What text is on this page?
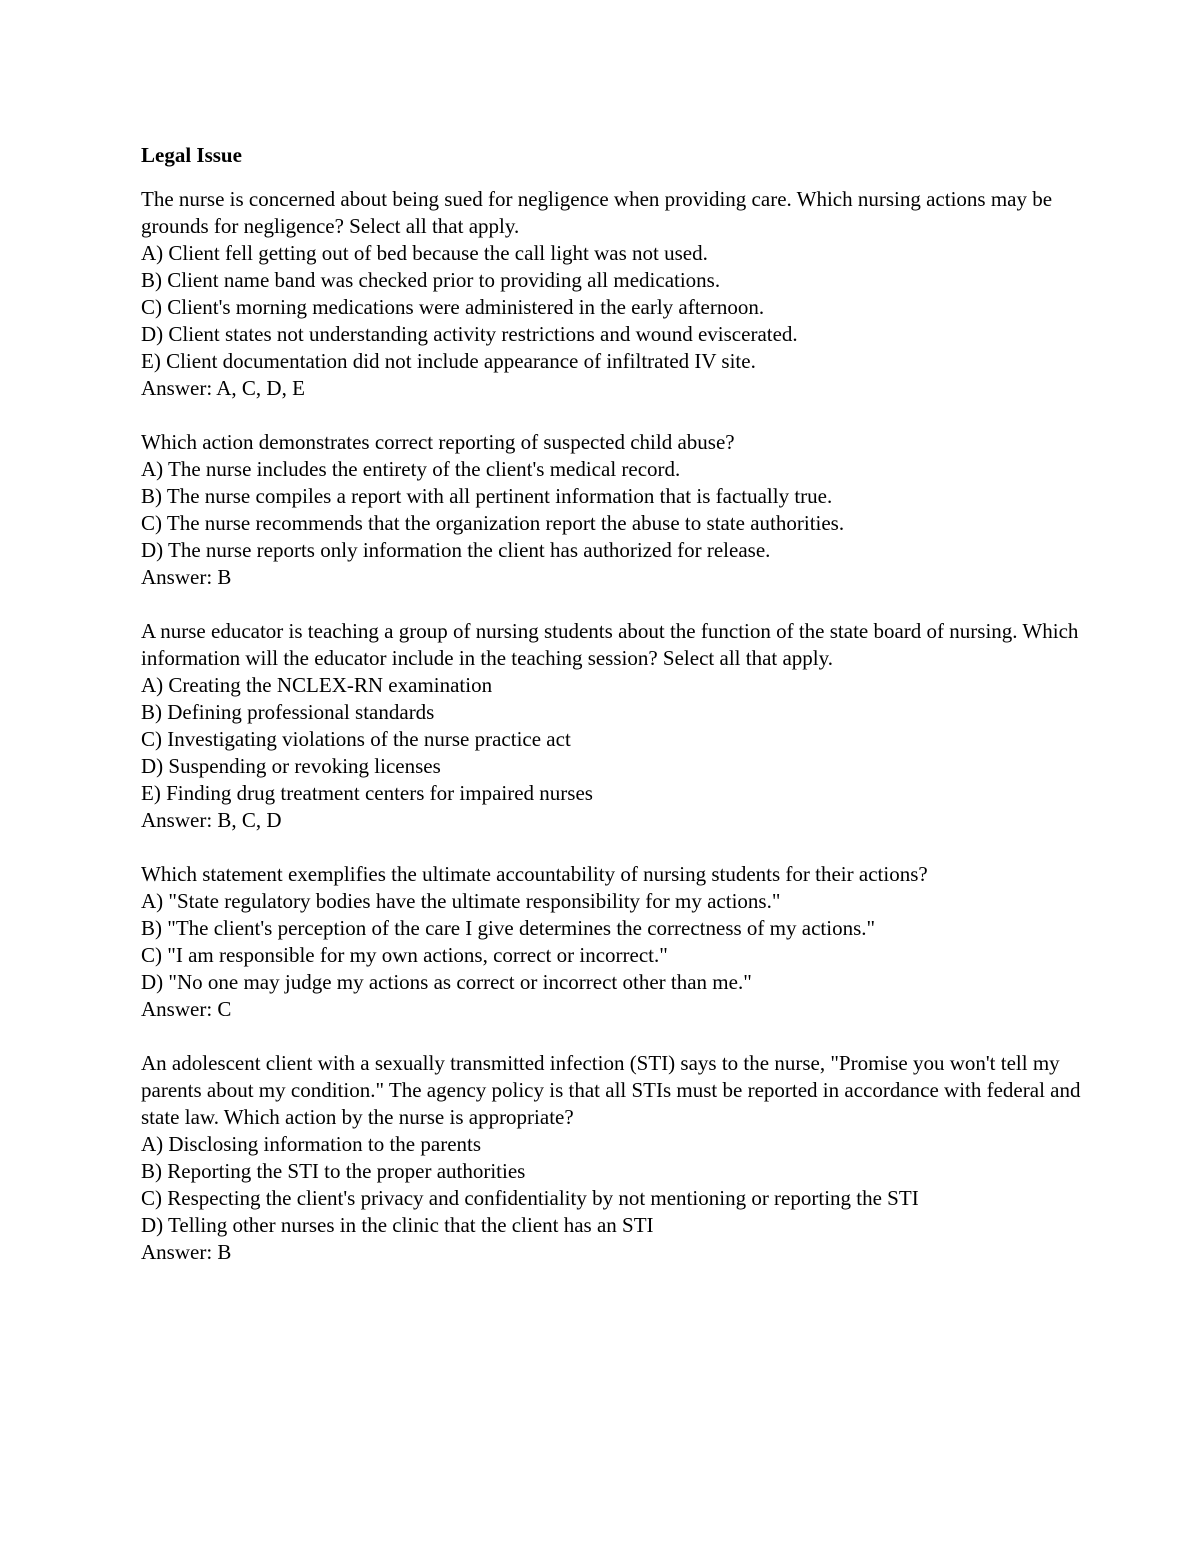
Legal Issue
The nurse is concerned about being sued for negligence when providing care. Which nursing actions may be grounds for negligence? Select all that apply.
A) Client fell getting out of bed because the call light was not used.
B) Client name band was checked prior to providing all medications.
C) Client's morning medications were administered in the early afternoon.
D) Client states not understanding activity restrictions and wound eviscerated.
E) Client documentation did not include appearance of infiltrated IV site.
Answer: A, C, D, E
Which action demonstrates correct reporting of suspected child abuse?
A) The nurse includes the entirety of the client's medical record.
B) The nurse compiles a report with all pertinent information that is factually true.
C) The nurse recommends that the organization report the abuse to state authorities.
D) The nurse reports only information the client has authorized for release.
Answer: B
A nurse educator is teaching a group of nursing students about the function of the state board of nursing. Which information will the educator include in the teaching session? Select all that apply.
A) Creating the NCLEX-RN examination
B) Defining professional standards
C) Investigating violations of the nurse practice act
D) Suspending or revoking licenses
E) Finding drug treatment centers for impaired nurses
Answer: B, C, D
Which statement exemplifies the ultimate accountability of nursing students for their actions?
A) "State regulatory bodies have the ultimate responsibility for my actions."
B) "The client's perception of the care I give determines the correctness of my actions."
C) "I am responsible for my own actions, correct or incorrect."
D) "No one may judge my actions as correct or incorrect other than me."
Answer: C
An adolescent client with a sexually transmitted infection (STI) says to the nurse, "Promise you won't tell my parents about my condition." The agency policy is that all STIs must be reported in accordance with federal and state law. Which action by the nurse is appropriate?
A) Disclosing information to the parents
B) Reporting the STI to the proper authorities
C) Respecting the client's privacy and confidentiality by not mentioning or reporting the STI
D) Telling other nurses in the clinic that the client has an STI
Answer: B
